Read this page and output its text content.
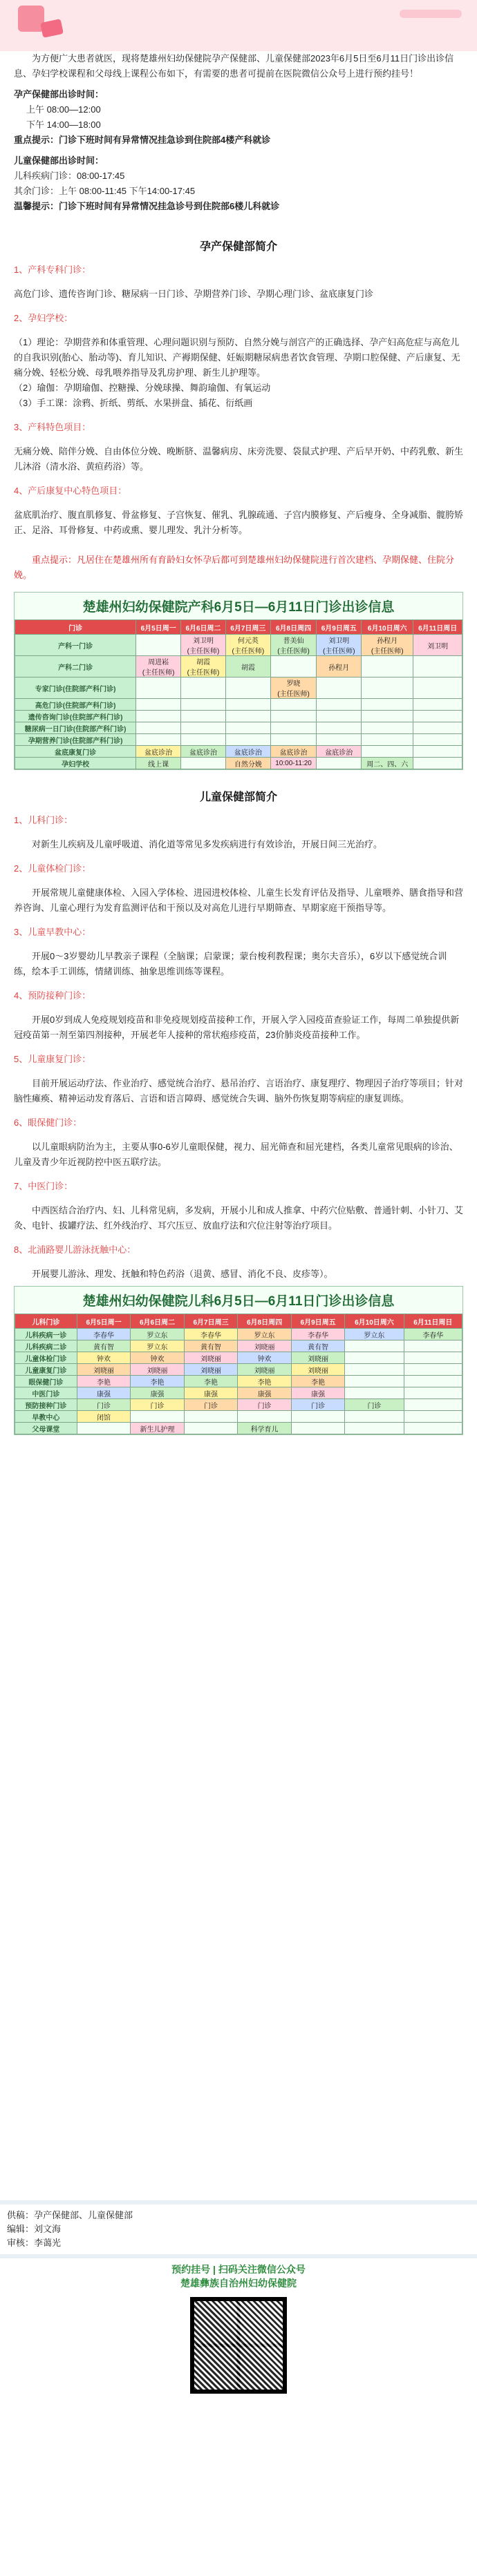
为方便广大患者就医，现将楚雄州妇幼保健院孕产保健部、儿童保健部2023年6月5日至6月11日门诊出诊信息、孕妇学校课程和父母线上课程公布如下，有需要的患者可提前在医院微信公众号上进行预约挂号！

孕产保健部出诊时间：

上午 08:00—12:00

下午 14:00—18:00

重点提示：门诊下班时间有异常情况挂急诊到住院部4楼产科就诊

儿童保健部出诊时间：

儿科疾病门诊：08:00-17:45

其余门诊：上午 08:00-11:45 下午14:00-17:45

温馨提示：门诊下班时间有异常情况挂急诊号到住院部6楼儿科就诊

孕产保健部简介

1、产科专科门诊：

高危门诊、遗传咨询门诊、糖尿病一日门诊、孕期营养门诊、孕期心理门诊、盆底康复门诊

2、孕妇学校：

（1）理论：孕期营养和体重管理、心理问题识别与预防、自然分娩与剖宫产的正确选择、孕产妇高危症与高危儿的自我识别(胎心、胎动等)、育儿知识、产褥期保健、妊娠期糖尿病患者饮食管理、孕期口腔保健、产后康复、无痛分娩、轻松分娩、母乳喂养指导及乳房护理、新生儿护理等。
（2）瑜伽：孕期瑜伽、控糖操、分娩球操、舞韵瑜伽、有氧运动
（3）手工课：涂鸦、折纸、剪纸、水果拼盘、插花、衍纸画

3、产科特色项目：

无痛分娩、陪伴分娩、自由体位分娩、晚断脐、温馨病房、床旁洗婴、袋鼠式护理、产后早开奶、中药乳敷、新生儿沐浴（清水浴、黄疸药浴）等。

4、产后康复中心特色项目：

盆底肌治疗、腹直肌修复、骨盆修复、子宫恢复、催乳、乳腺疏通、子宫内膜修复、产后瘦身、全身减脂、髋胯矫正、足浴、耳骨修复、中药或熏、婴儿理发、乳汁分析等。

重点提示：凡居住在楚雄州所有育龄妇女怀孕后都可到楚雄州妇幼保健院进行首次建档、孕期保健、住院分娩。

楚雄州妇幼保健院产科6月5日—6月11日门诊出诊信息
门诊	6月5日周一	6月6日周二	6月7日周三	6月8日周四	6月9日周五	6月10日周六	6月11日周日
产科一门诊		刘卫明
(主任医师)	何元英
(主任医师)	普美仙
(主任医师)	刘卫明
(主任医师)	孙程月
(主任医师)	刘卫明
产科二门诊	周进崧
(主任医师)	胡霞
(主任医师)	胡霞		孙程月		
专家门诊(住院部产科门诊)				罗晓
(主任医师)			
高危门诊(住院部产科门诊)							
遗传咨询门诊(住院部产科门诊)							
糖尿病一日门诊(住院部产科门诊)							
孕期营养门诊(住院部产科门诊)							
盆底康复门诊	盆底诊治	盆底诊治	盆底诊治	盆底诊治	盆底诊治		
孕妇学校	线上课		自然分娩	10:00-11:20		周二、四、六	
儿童保健部简介

1、儿科门诊：

对新生儿疾病及儿童呼吸道、消化道等常见多发疾病进行有效诊治，开展日间三光治疗。

2、儿童体检门诊：

开展常规儿童健康体检、入园入学体检、进园进校体检、儿童生长发育评估及指导、儿童喂养、膳食指导和营养咨询、儿童心理行为发育监测评估和干预以及对高危儿进行早期筛查、早期家庭干预指导等。

3、儿童早教中心：

开展0～3岁婴幼儿早教亲子课程（全脑课；启蒙课；蒙台梭利教程课；奥尔夫音乐），6岁以下感觉统合训练，绘本手工训练，情緒训练、抽象思维训练等课程。

4、预防接种门诊：

开展0岁到成人免疫规划疫苗和非免疫规划疫苗接种工作，开展入学入园疫苗查验证工作，每周二单独提供新冠疫苗第一剂至第四剂接种，开展老年人接种的常状疱疹疫苗，23价肺炎疫苗接种工作。

5、儿童康复门诊：

目前开展运动疗法、作业治疗、感觉统合治疗、悬吊治疗、言语治疗、康复理疗、物理因子治疗等项目；针对脑性瘫痪、精神运动发育落后、言语和语言障碍、感觉统合失调、脑外伤恢复期等病症的康复训练。

6、眼保健门诊：

以儿童眼病防治为主，主要从事0-6岁儿童眼保健，视力、屈光筛查和屈光建档，各类儿童常见眼病的诊治、儿童及青少年近视防控中医五联疗法。

7、中医门诊：

中西医结合治疗内、妇、儿科常见病，多发病，开展小儿和成人推拿、中药穴位贴敷、普通针刺、小针刀、艾灸、电针、拔罐疗法、红外线治疗、耳穴压豆、放血疗法和穴位注射等治疗项目。

8、北浦路婴儿游泳抚触中心：

开展婴儿游泳、理发、抚触和特色药浴（退黄、感冒、消化不良、皮疹等）。

楚雄州妇幼保健院儿科6月5日—6月11日门诊出诊信息
儿科门诊	6月5日周一	6月6日周二	6月7日周三	6月8日周四	6月9日周五	6月10日周六	6月11日周日
儿科疾病一诊	李春华	罗立东	李春华	罗立东	李春华	罗立东	李春华
儿科疾病二诊	黄有智	罗立东	黄有智	刘晓丽	黄有智		
儿童体检门诊	钟欢	钟欢	刘晓丽	钟欢	刘晓丽		
儿童康复门诊	刘晓丽	刘晓丽	刘晓丽	刘晓丽	刘晓丽		
眼保健门诊	李艳	李艳	李艳	李艳	李艳		
中医门诊	康强	康强	康强	康强	康强		
预防接种门诊	门诊	门诊	门诊	门诊	门诊	门诊	
早教中心	闭馆						
父母课堂		新生儿护理		科学育儿			
供稿：孕产保健部、儿童保健部
编辑：刘文海
审核：李蔼光
预约挂号 | 扫码关注微信公众号
楚雄彝族自治州妇幼保健院
